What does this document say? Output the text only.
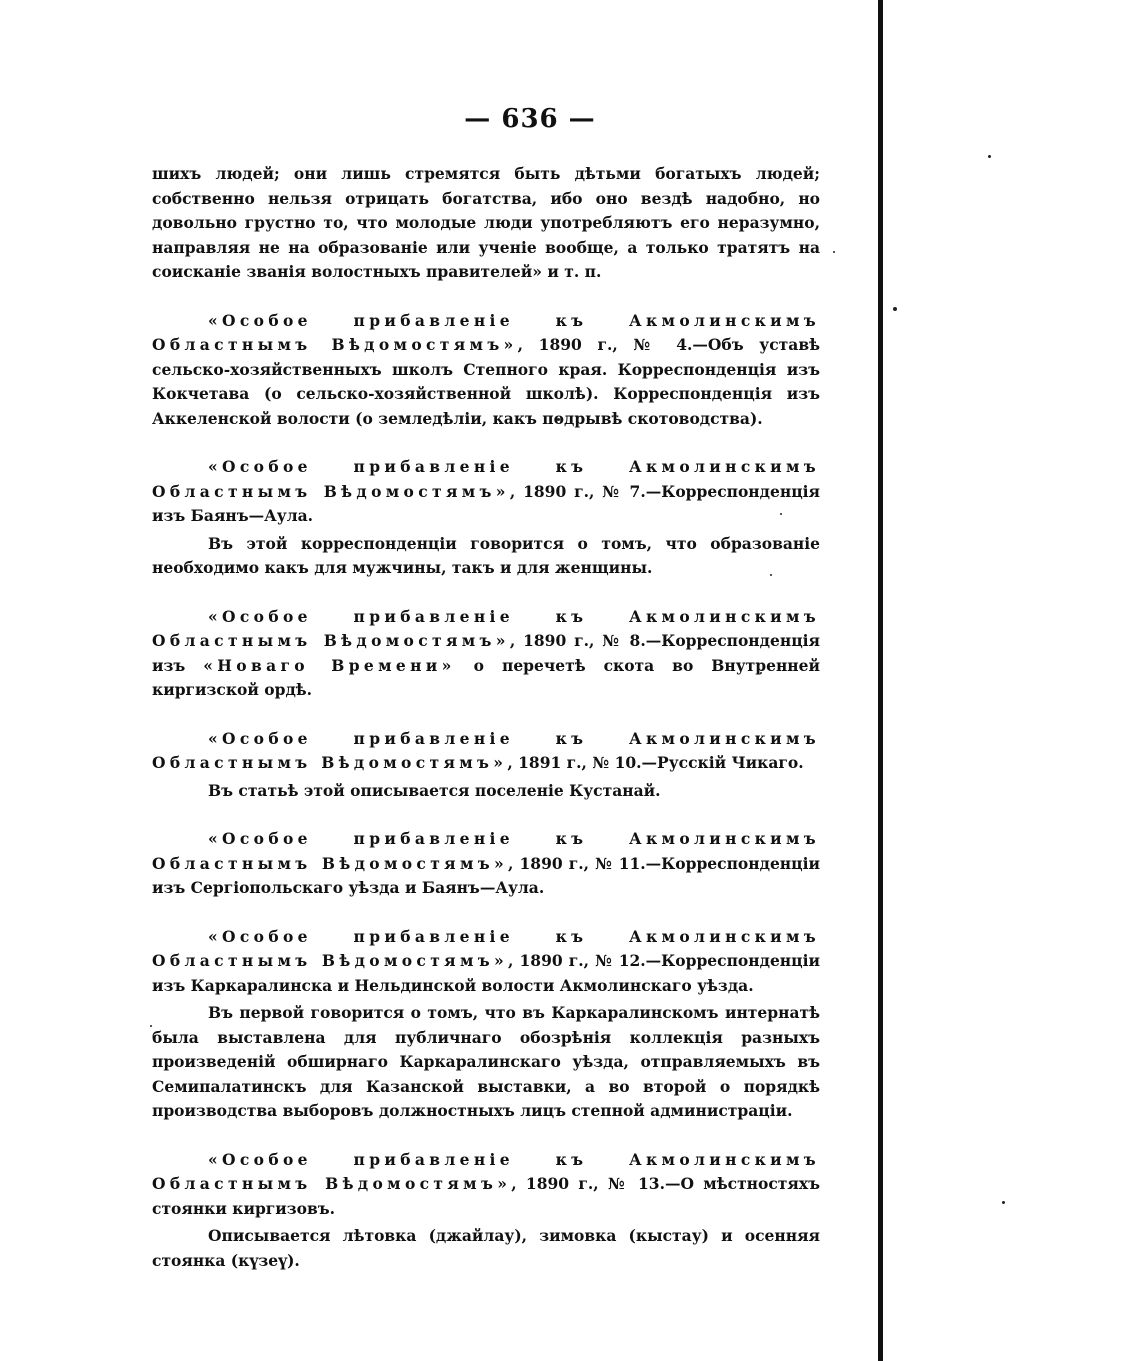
— 636 —

шихъ людей; они лишь стремятся быть дѣтьми богатыхъ людей; собственно нельзя отрицать богатства, ибо оно вездѣ надобно, но довольно грустно то, что молодые люди употребляютъ его неразумно, направляя не на образованіе или ученіе вообще, а только тратятъ на соисканіе званія волостныхъ правителей» и т. п.

«Особое прибавленіе къ Акмолинскимъ Областнымъ Вѣдомостямъ», 1890 г., № 4.—Объ уставѣ сельско-хозяйственныхъ школъ Степного края. Корреспонденція изъ Кокчетава (о сельско-хозяйственной школѣ). Корреспонденція изъ Аккеленской волости (о земледѣліи, какъ подрывѣ скотоводства).

«Особое прибавленіе къ Акмолинскимъ Областнымъ Вѣдомостямъ», 1890 г., № 7.—Корреспонденція изъ Баянъ—Аула.

Въ этой корреспонденціи говорится о томъ, что образованіе необходимо какъ для мужчины, такъ и для женщины.

«Особое прибавленіе къ Акмолинскимъ Областнымъ Вѣдомостямъ», 1890 г., № 8.—Корреспонденція изъ «Новаго Времени» о перечетѣ скота во Внутренней киргизской ордѣ.

«Особое прибавленіе къ Акмолинскимъ Областнымъ Вѣдомостямъ», 1891 г., № 10.—Русскій Чикаго.

Въ статьѣ этой описывается поселеніе Кустанай.

«Особое прибавленіе къ Акмолинскимъ Областнымъ Вѣдомостямъ», 1890 г., № 11.—Корреспонденціи изъ Сергіопольскаго уѣзда и Баянъ—Аула.

«Особое прибавленіе къ Акмолинскимъ Областнымъ Вѣдомостямъ», 1890 г., № 12.—Корреспонденціи изъ Каркаралинска и Нельдинской волости Акмолинскаго уѣзда.

Въ первой говорится о томъ, что въ Каркаралинскомъ интернатѣ была выставлена для публичнаго обозрѣнія коллекція разныхъ произведеній обширнаго Каркаралинскаго уѣзда, отправляемыхъ въ Семипалатинскъ для Казанской выставки, а во второй о порядкѣ производства выборовъ должностныхъ лицъ степной администраціи.

«Особое прибавленіе къ Акмолинскимъ Областнымъ Вѣдомостямъ», 1890 г., № 13.—О мѣстностяхъ стоянки киргизовъ.

Описывается лѣтовка (джайлау), зимовка (кыстау) и осенняя стоянка (күзеү).
